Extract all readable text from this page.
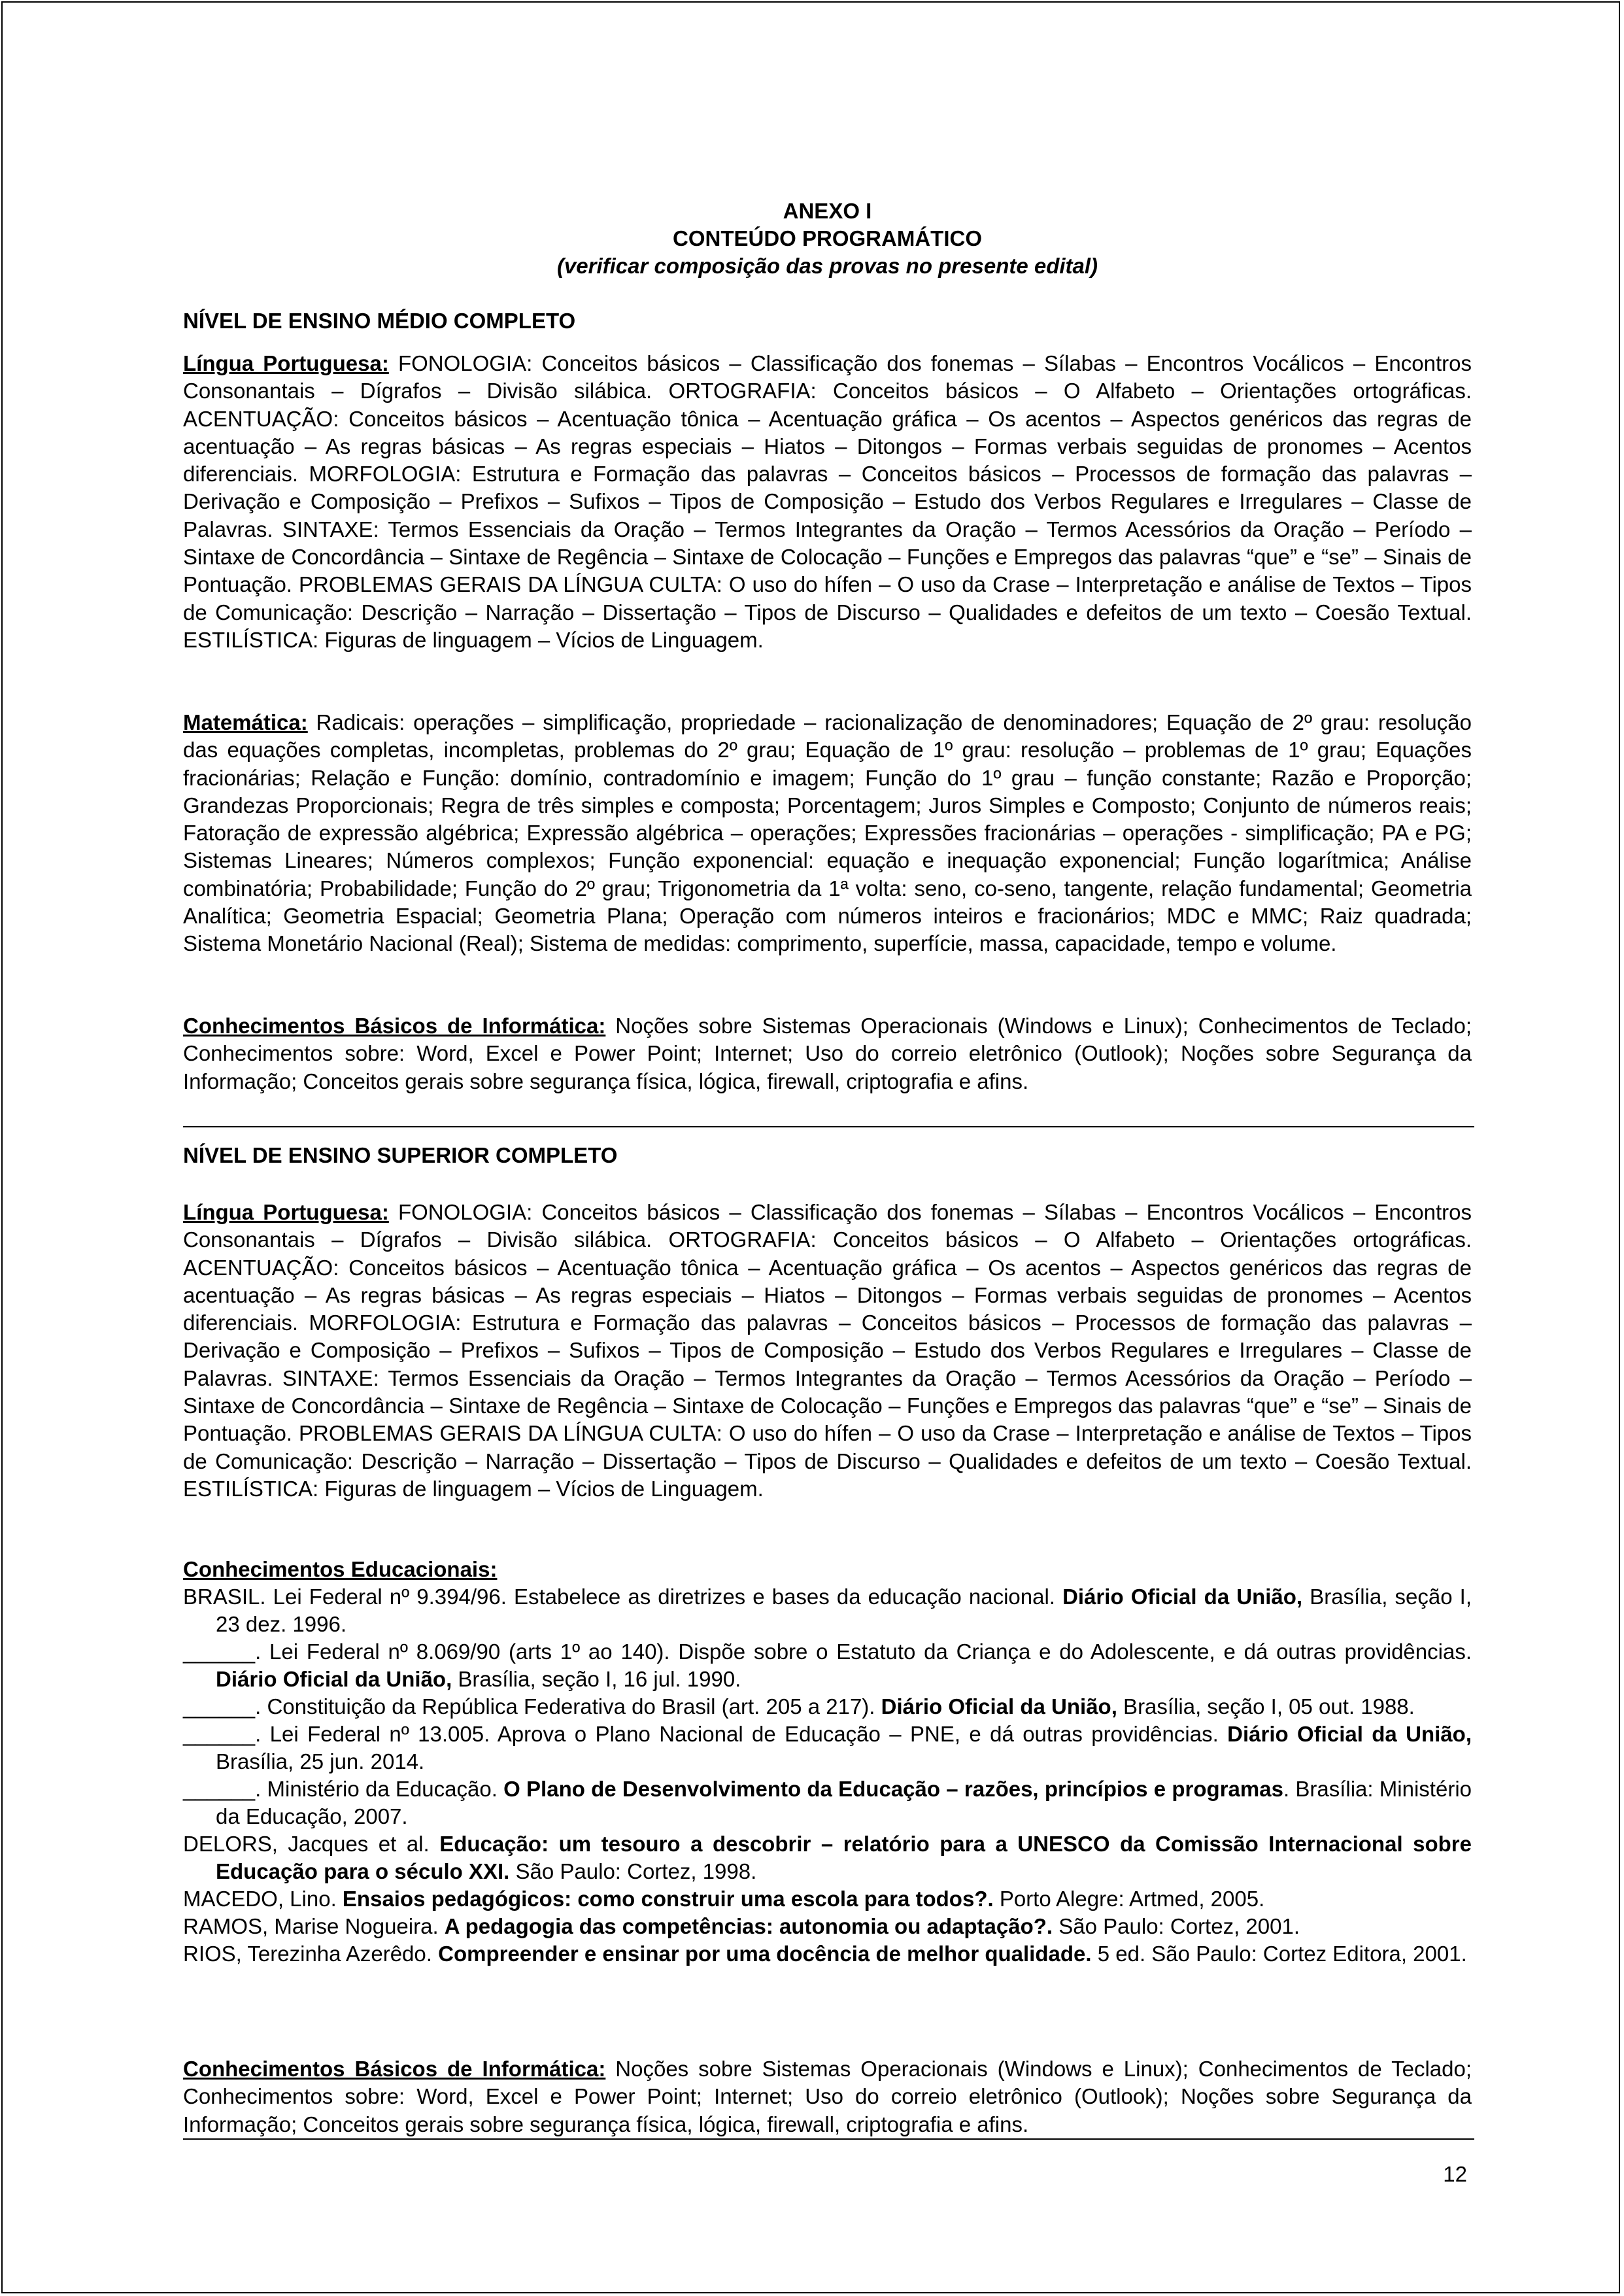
ANEXO I
CONTEÚDO PROGRAMÁTICO
(verificar composição das provas no presente edital)
NÍVEL DE ENSINO MÉDIO COMPLETO
Língua Portuguesa: FONOLOGIA: Conceitos básicos – Classificação dos fonemas – Sílabas – Encontros Vocálicos – Encontros Consonantais – Dígrafos – Divisão silábica. ORTOGRAFIA: Conceitos básicos – O Alfabeto – Orientações ortográficas. ACENTUAÇÃO: Conceitos básicos – Acentuação tônica – Acentuação gráfica – Os acentos – Aspectos genéricos das regras de acentuação – As regras básicas – As regras especiais – Hiatos – Ditongos – Formas verbais seguidas de pronomes – Acentos diferenciais. MORFOLOGIA: Estrutura e Formação das palavras – Conceitos básicos – Processos de formação das palavras – Derivação e Composição – Prefixos – Sufixos – Tipos de Composição – Estudo dos Verbos Regulares e Irregulares – Classe de Palavras. SINTAXE: Termos Essenciais da Oração – Termos Integrantes da Oração – Termos Acessórios da Oração – Período – Sintaxe de Concordância – Sintaxe de Regência – Sintaxe de Colocação – Funções e Empregos das palavras “que” e “se” – Sinais de Pontuação. PROBLEMAS GERAIS DA LÍNGUA CULTA: O uso do hífen – O uso da Crase – Interpretação e análise de Textos – Tipos de Comunicação: Descrição – Narração – Dissertação – Tipos de Discurso – Qualidades e defeitos de um texto – Coesão Textual. ESTILÍSTICA: Figuras de linguagem – Vícios de Linguagem.
Matemática: Radicais: operações – simplificação, propriedade – racionalização de denominadores; Equação de 2º grau: resolução das equações completas, incompletas, problemas do 2º grau; Equação de 1º grau: resolução – problemas de 1º grau; Equações fracionárias; Relação e Função: domínio, contradomínio e imagem; Função do 1º grau – função constante; Razão e Proporção; Grandezas Proporcionais; Regra de três simples e composta; Porcentagem; Juros Simples e Composto; Conjunto de números reais; Fatoração de expressão algébrica; Expressão algébrica – operações; Expressões fracionárias – operações - simplificação; PA e PG; Sistemas Lineares; Números complexos; Função exponencial: equação e inequação exponencial; Função logarítmica; Análise combinatória; Probabilidade; Função do 2º grau; Trigonometria da 1ª volta: seno, co-seno, tangente, relação fundamental; Geometria Analítica; Geometria Espacial; Geometria Plana; Operação com números inteiros e fracionários; MDC e MMC; Raiz quadrada; Sistema Monetário Nacional (Real); Sistema de medidas: comprimento, superfície, massa, capacidade, tempo e volume.
Conhecimentos Básicos de Informática: Noções sobre Sistemas Operacionais (Windows e Linux); Conhecimentos de Teclado; Conhecimentos sobre: Word, Excel e Power Point; Internet; Uso do correio eletrônico (Outlook); Noções sobre Segurança da Informação; Conceitos gerais sobre segurança física, lógica, firewall, criptografia e afins.
NÍVEL DE ENSINO SUPERIOR COMPLETO
Língua Portuguesa: FONOLOGIA: Conceitos básicos – Classificação dos fonemas – Sílabas – Encontros Vocálicos – Encontros Consonantais – Dígrafos – Divisão silábica. ORTOGRAFIA: Conceitos básicos – O Alfabeto – Orientações ortográficas. ACENTUAÇÃO: Conceitos básicos – Acentuação tônica – Acentuação gráfica – Os acentos – Aspectos genéricos das regras de acentuação – As regras básicas – As regras especiais – Hiatos – Ditongos – Formas verbais seguidas de pronomes – Acentos diferenciais. MORFOLOGIA: Estrutura e Formação das palavras – Conceitos básicos – Processos de formação das palavras – Derivação e Composição – Prefixos – Sufixos – Tipos de Composição – Estudo dos Verbos Regulares e Irregulares – Classe de Palavras. SINTAXE: Termos Essenciais da Oração – Termos Integrantes da Oração – Termos Acessórios da Oração – Período – Sintaxe de Concordância – Sintaxe de Regência – Sintaxe de Colocação – Funções e Empregos das palavras “que” e “se” – Sinais de Pontuação. PROBLEMAS GERAIS DA LÍNGUA CULTA: O uso do hífen – O uso da Crase – Interpretação e análise de Textos – Tipos de Comunicação: Descrição – Narração – Dissertação – Tipos de Discurso – Qualidades e defeitos de um texto – Coesão Textual. ESTILÍSTICA: Figuras de linguagem – Vícios de Linguagem.
Conhecimentos Educacionais:
BRASIL. Lei Federal nº 9.394/96. Estabelece as diretrizes e bases da educação nacional. Diário Oficial da União, Brasília, seção I, 23 dez. 1996.
______. Lei Federal nº 8.069/90 (arts 1º ao 140). Dispõe sobre o Estatuto da Criança e do Adolescente, e dá outras providências. Diário Oficial da União, Brasília, seção I, 16 jul. 1990.
______. Constituição da República Federativa do Brasil (art. 205 a 217). Diário Oficial da União, Brasília, seção I, 05 out. 1988.
______. Lei Federal nº 13.005. Aprova o Plano Nacional de Educação – PNE, e dá outras providências. Diário Oficial da União, Brasília, 25 jun. 2014.
______. Ministério da Educação. O Plano de Desenvolvimento da Educação – razões, princípios e programas. Brasília: Ministério da Educação, 2007.
DELORS, Jacques et al. Educação: um tesouro a descobrir – relatório para a UNESCO da Comissão Internacional sobre Educação para o século XXI. São Paulo: Cortez, 1998.
MACEDO, Lino. Ensaios pedagógicos: como construir uma escola para todos?. Porto Alegre: Artmed, 2005.
RAMOS, Marise Nogueira. A pedagogia das competências: autonomia ou adaptação?. São Paulo: Cortez, 2001.
RIOS, Terezinha Azerêdo. Compreender e ensinar por uma docência de melhor qualidade. 5 ed. São Paulo: Cortez Editora, 2001.
Conhecimentos Básicos de Informática: Noções sobre Sistemas Operacionais (Windows e Linux); Conhecimentos de Teclado; Conhecimentos sobre: Word, Excel e Power Point; Internet; Uso do correio eletrônico (Outlook); Noções sobre Segurança da Informação; Conceitos gerais sobre segurança física, lógica, firewall, criptografia e afins.
12
